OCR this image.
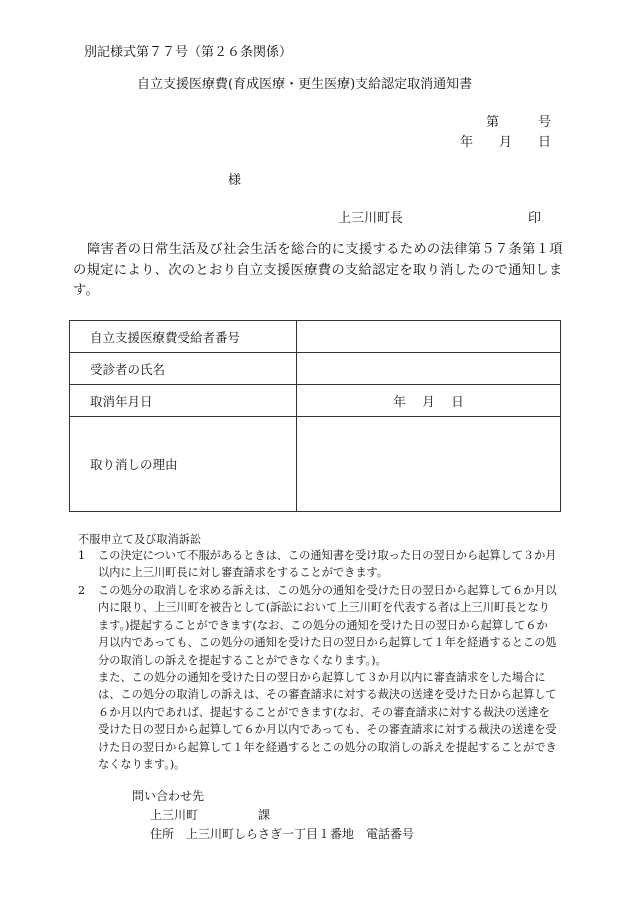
別記様式第７７号（第２６条関係）
自立支援医療費(育成医療・更生医療)支給認定取消通知書
第　　　号
年　　月　　日
様
上三川町長	印
障害者の日常生活及び社会生活を総合的に支援するための法律第５７条第１項の規定により、次のとおり自立支援医療費の支給認定を取り消したので通知します。
自立支援医療費受給者番号	
受診者の氏名	
取消年月日	年　 月　 日
取り消しの理由	
不服申立て及び取消訴訟
1	この決定について不服があるときは、この通知書を受け取った日の翌日から起算して３か月以内に上三川町長に対し審査請求をすることができます。
2	この処分の取消しを求める訴えは、この処分の通知を受けた日の翌日から起算して６か月以内に限り、上三川町を被告として(訴訟において上三川町を代表する者は上三川町長となります。)提起することができます(なお、この処分の通知を受けた日の翌日から起算して６か月以内であっても、この処分の通知を受けた日の翌日から起算して１年を経過するとこの処分の取消しの訴えを提起することができなくなります。)。
また、この処分の通知を受けた日の翌日から起算して３か月以内に審査請求をした場合には、この処分の取消しの訴えは、その審査請求に対する裁決の送達を受けた日から起算して６か月以内であれば、提起することができます(なお、その審査請求に対する裁決の送達を受けた日の翌日から起算して６か月以内であっても、その審査請求に対する裁決の送達を受けた日の翌日から起算して１年を経過するとこの処分の取消しの訴えを提起することができなくなります。)。
問い合わせ先
上三川町　　　　　課
住所　上三川町しらさぎ一丁目１番地　電話番号
